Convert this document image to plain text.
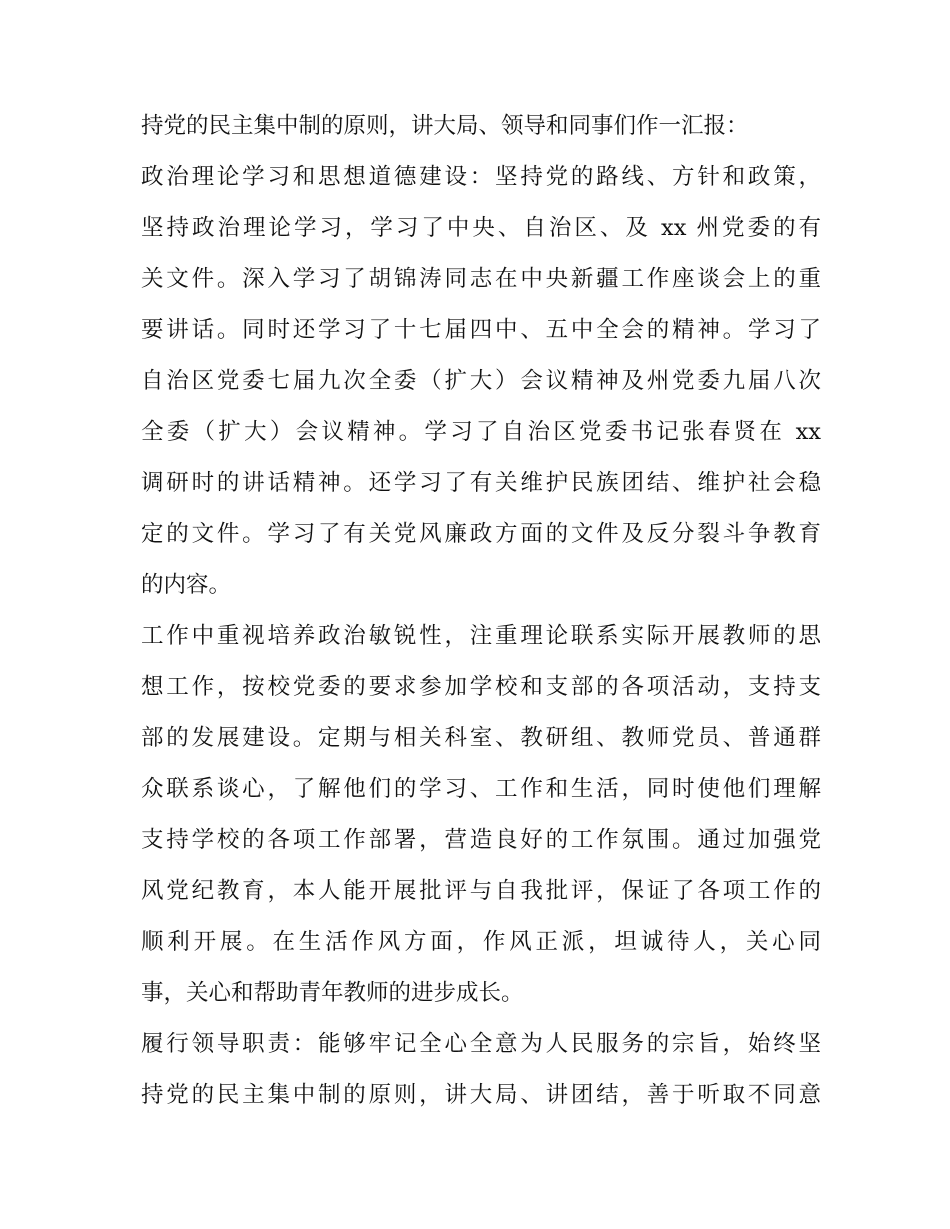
持党的民主集中制的原则，讲大局、领导和同事们作一汇报：
政治理论学习和思想道德建设：坚持党的路线、方针和政策，
坚持政治理论学习，学习了中央、自治区、及 xx 州党委的有
关文件。深入学习了胡锦涛同志在中央新疆工作座谈会上的重
要讲话。同时还学习了十七届四中、五中全会的精神。学习了
自治区党委七届九次全委（扩大）会议精神及州党委九届八次
全委（扩大）会议精神。学习了自治区党委书记张春贤在 xx
调研时的讲话精神。还学习了有关维护民族团结、维护社会稳
定的文件。学习了有关党风廉政方面的文件及反分裂斗争教育
的内容。
工作中重视培养政治敏锐性，注重理论联系实际开展教师的思
想工作，按校党委的要求参加学校和支部的各项活动，支持支
部的发展建设。定期与相关科室、教研组、教师党员、普通群
众联系谈心，了解他们的学习、工作和生活，同时使他们理解
支持学校的各项工作部署，营造良好的工作氛围。通过加强党
风党纪教育，本人能开展批评与自我批评，保证了各项工作的
顺利开展。在生活作风方面，作风正派，坦诚待人，关心同
事，关心和帮助青年教师的进步成长。
履行领导职责：能够牢记全心全意为人民服务的宗旨，始终坚
持党的民主集中制的原则，讲大局、讲团结，善于听取不同意
